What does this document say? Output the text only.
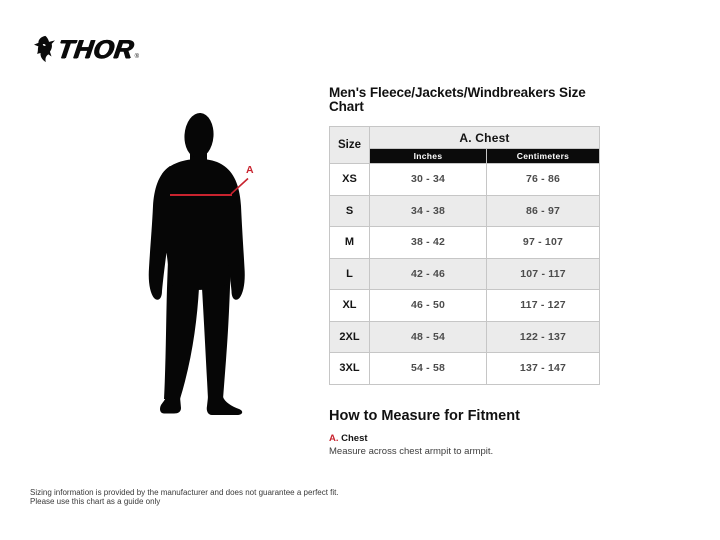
THOR
®
A
Men's Fleece/Jackets/Windbreakers Size Chart
Size	A. Chest	
	Inches	Centimeters
XS	30 - 34	76 - 86
S	34 - 38	86 - 97
M	38 - 42	97 - 107
L	42 - 46	107 - 117
XL	46 - 50	117 - 127
2XL	48 - 54	122 - 137
3XL	54 - 58	137 - 147
How to Measure for Fitment
A. Chest
Measure across chest armpit to armpit.
Sizing information is provided by the manufacturer and does not guarantee a perfect fit.
Please use this chart as a guide only
